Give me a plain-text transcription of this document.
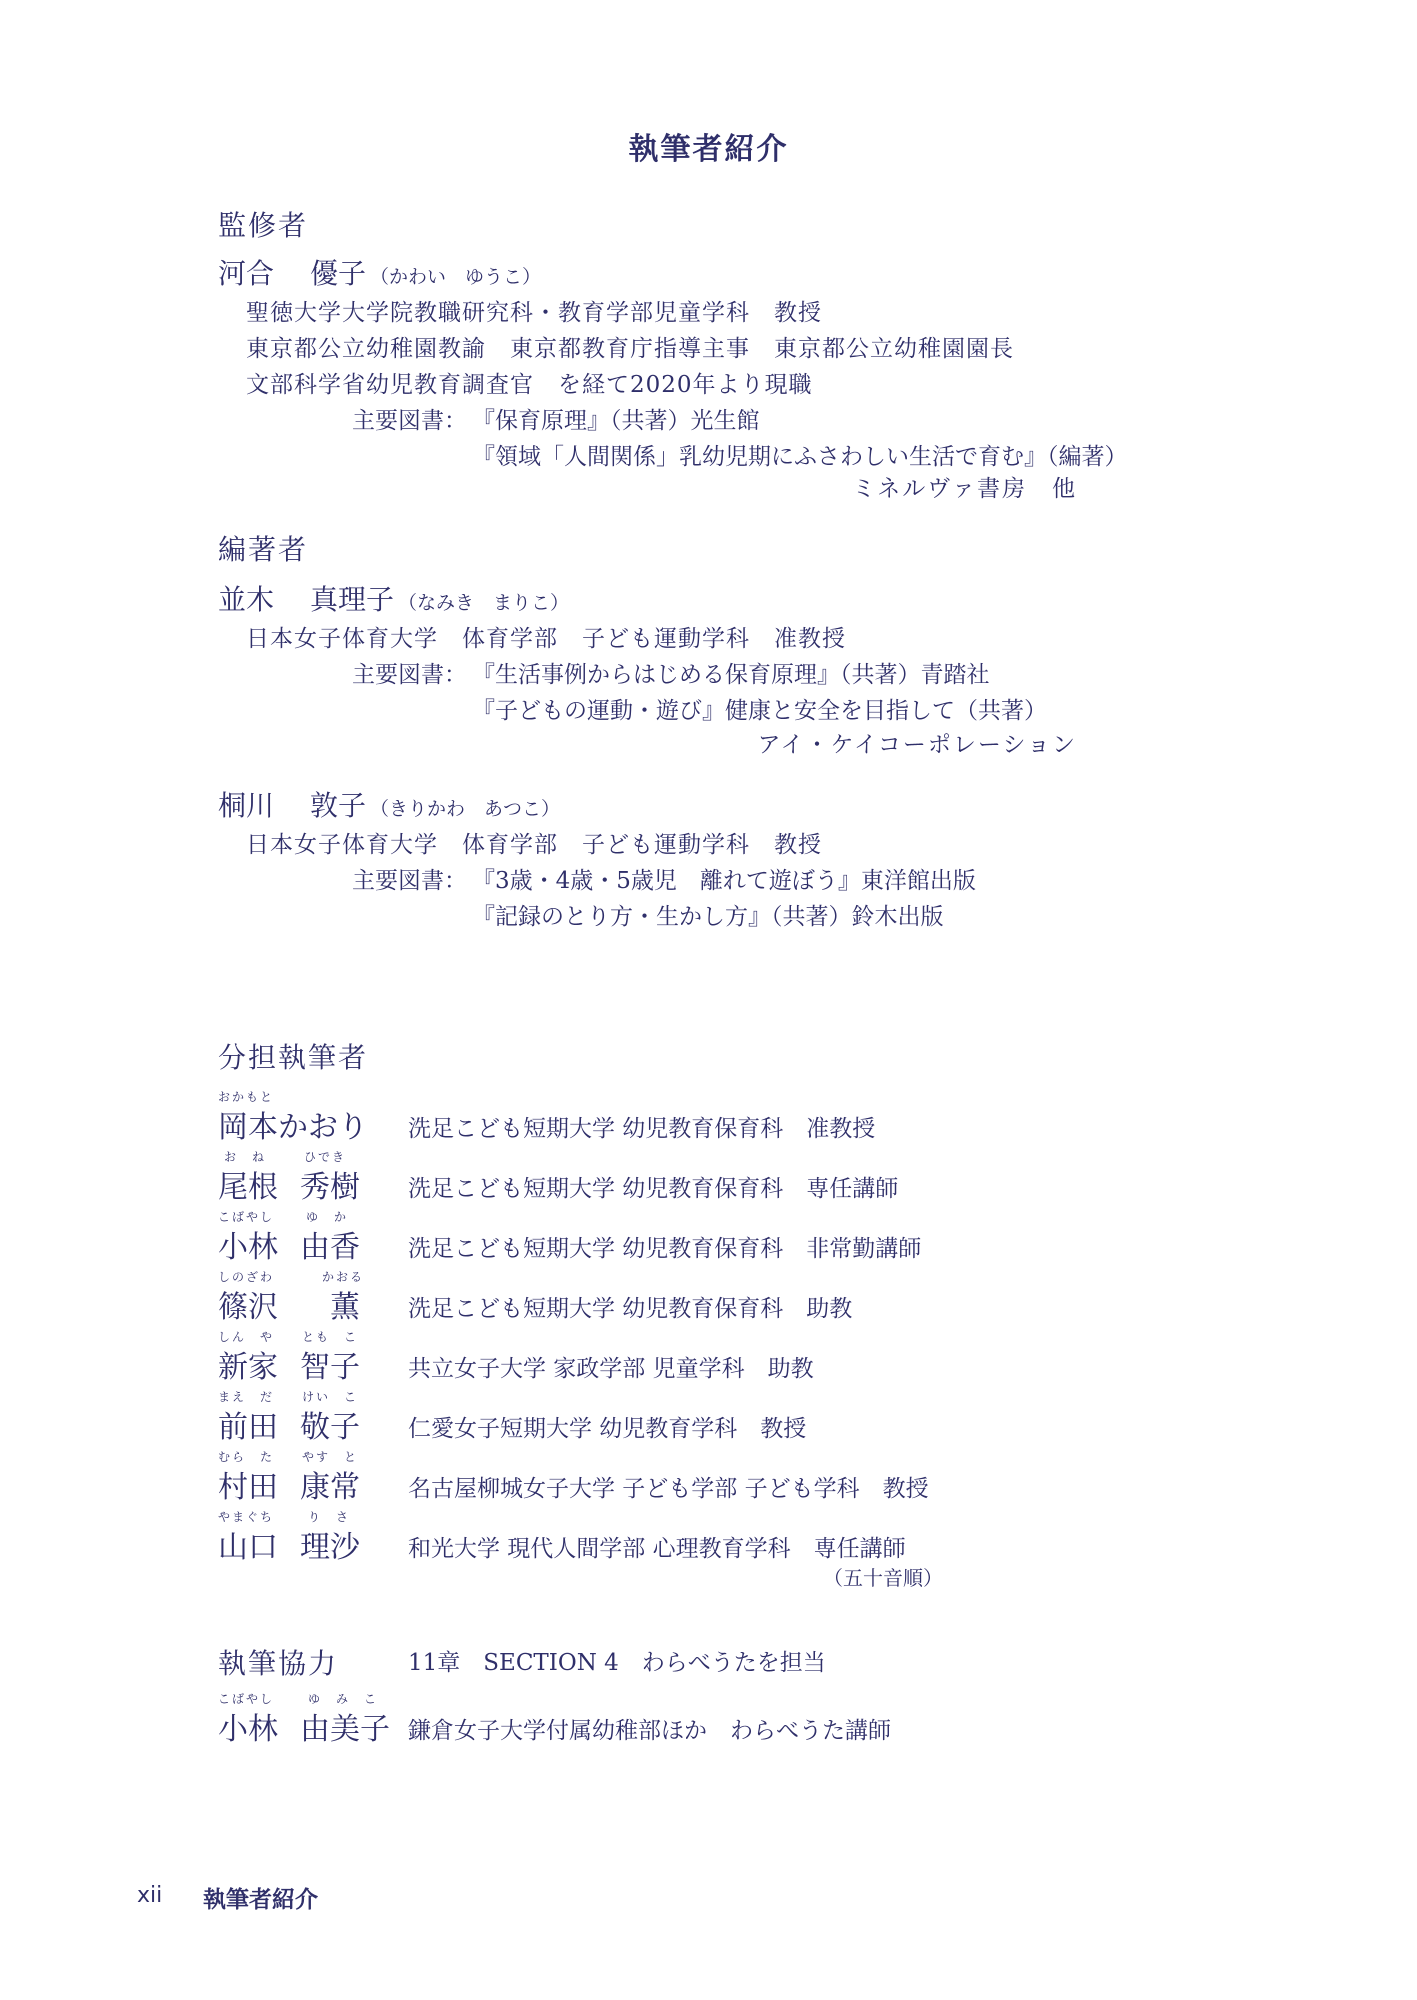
執筆者紹介
監修者
河合 優子 （かわい　ゆうこ）
聖徳大学大学院教職研究科・教育学部児童学科　教授
東京都公立幼稚園教諭　東京都教育庁指導主事　東京都公立幼稚園園長
文部科学省幼児教育調査官　を経て2020年より現職
主要図書： 『保育原理』（共著）光生館
『領域「人間関係」乳幼児期にふさわしい生活で育む』（編著）
ミネルヴァ書房　他
編著者
並木 真理子 （なみき　まりこ）
日本女子体育大学　体育学部　子ども運動学科　准教授
主要図書： 『生活事例からはじめる保育原理』（共著）青踏社
『子どもの運動・遊び』健康と安全を目指して（共著）
アイ・ケイコーポレーション
桐川 敦子 （きりかわ　あつこ）
日本女子体育大学　体育学部　子ども運動学科　教授
主要図書： 『3歳・4歳・5歳児　離れて遊ぼう』東洋館出版
『記録のとり方・生かし方』（共著）鈴木出版
分担執筆者
おかもと
岡本かおり 洗足こども短期大学 幼児教育保育科　准教授
お　ね	ひでき
尾根 秀樹 洗足こども短期大学 幼児教育保育科　専任講師
こばやし	ゆ　か
小林 由香 洗足こども短期大学 幼児教育保育科　非常勤講師
しのざわ	かおる
篠沢 薫 洗足こども短期大学 幼児教育保育科　助教
しん　や とも　こ
新家 智子 共立女子大学 家政学部 児童学科　助教
まえ　だ けい　こ
前田 敬子 仁愛女子短期大学 幼児教育学科　教授
むら　た やす　と
村田 康常 名古屋柳城女子大学 子ども学部 子ども学科　教授
やまぐち	り　さ
山口 理沙 和光大学 現代人間学部 心理教育学科　専任講師
（五十音順）
執筆協力	11章　SECTION 4　わらべうたを担当
こばやし	ゆ　み　こ
小林 由美子 鎌倉女子大学付属幼稚部ほか　わらべうた講師
xii 執筆者紹介
